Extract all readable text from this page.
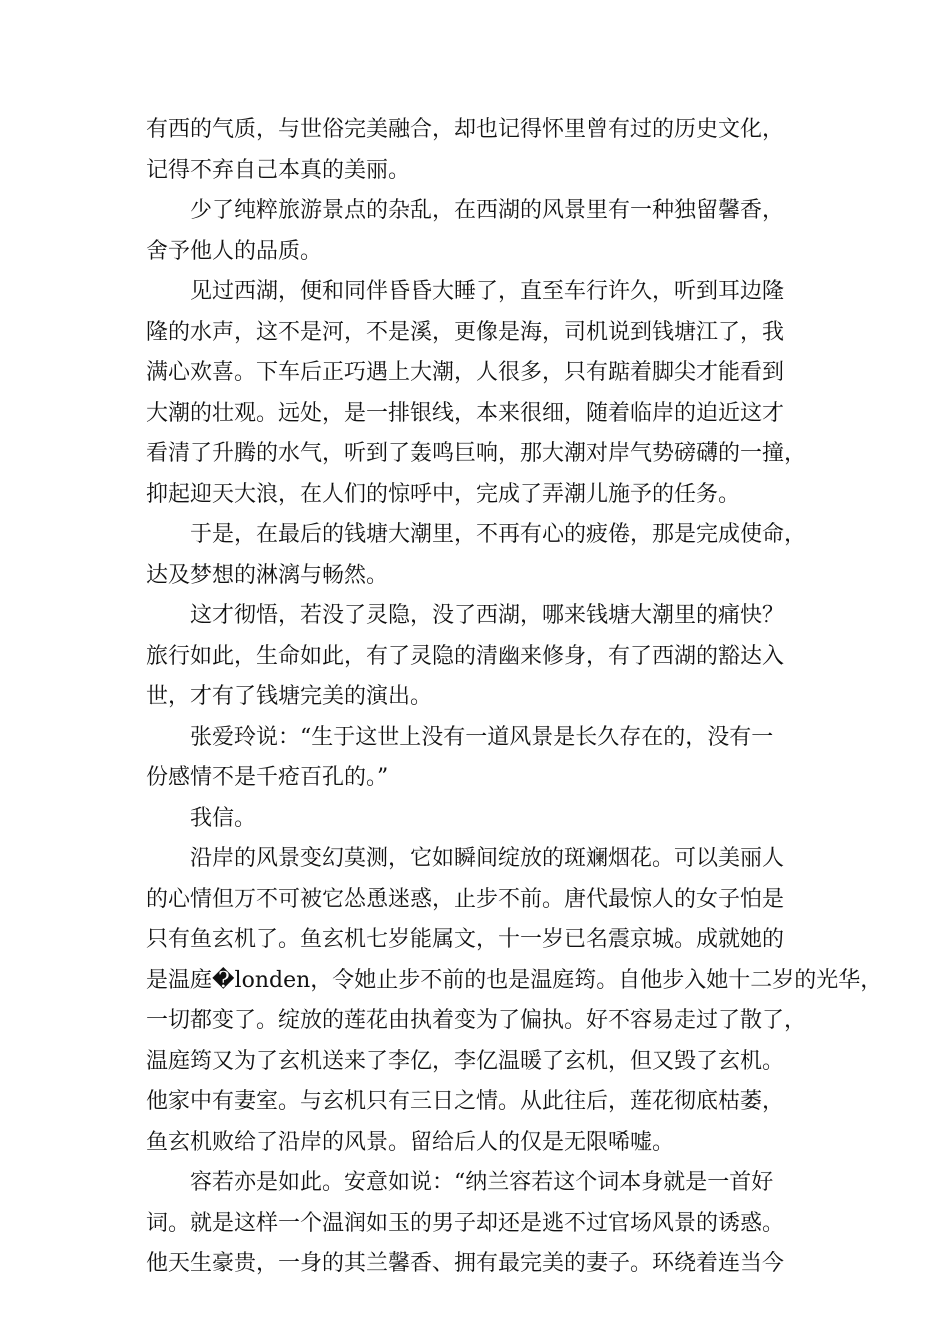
有西的气质，与世俗完美融合，却也记得怀里曾有过的历史文化，
记得不弃自己本真的美丽。
少了纯粹旅游景点的杂乱，在西湖的风景里有一种独留馨香，
舍予他人的品质。
见过西湖，便和同伴昏昏大睡了，直至车行许久，听到耳边隆
隆的水声，这不是河，不是溪，更像是海，司机说到钱塘江了，我
满心欢喜。下车后正巧遇上大潮，人很多，只有踮着脚尖才能看到
大潮的壮观。远处，是一排银线，本来很细，随着临岸的迫近这才
看清了升腾的水气，听到了轰鸣巨响，那大潮对岸气势磅礴的一撞，
抑起迎天大浪，在人们的惊呼中，完成了弄潮儿施予的任务。
于是，在最后的钱塘大潮里，不再有心的疲倦，那是完成使命，
达及梦想的淋漓与畅然。
这才彻悟，若没了灵隐，没了西湖，哪来钱塘大潮里的痛快？
旅行如此，生命如此，有了灵隐的清幽来修身，有了西湖的豁达入
世，才有了钱塘完美的演出。
张爱玲说：“生于这世上没有一道风景是长久存在的，没有一
份感情不是千疮百孔的。”
我信。
沿岸的风景变幻莫测，它如瞬间绽放的斑斓烟花。可以美丽人
的心情但万不可被它怂恿迷惑，止步不前。唐代最惊人的女子怕是
只有鱼玄机了。鱼玄机七岁能属文，十一岁已名震京城。成就她的
是温庭�londen，令她止步不前的也是温庭筠。自他步入她十二岁的光华，
一切都变了。绽放的莲花由执着变为了偏执。好不容易走过了散了，
温庭筠又为了玄机送来了李亿，李亿温暖了玄机，但又毁了玄机。
他家中有妻室。与玄机只有三日之情。从此往后，莲花彻底枯萎，
鱼玄机败给了沿岸的风景。留给后人的仅是无限唏嘘。
容若亦是如此。安意如说：“纳兰容若这个词本身就是一首好
词。就是这样一个温润如玉的男子却还是逃不过官场风景的诱惑。
他天生豪贵，一身的其兰馨香、拥有最完美的妻子。环绕着连当今
